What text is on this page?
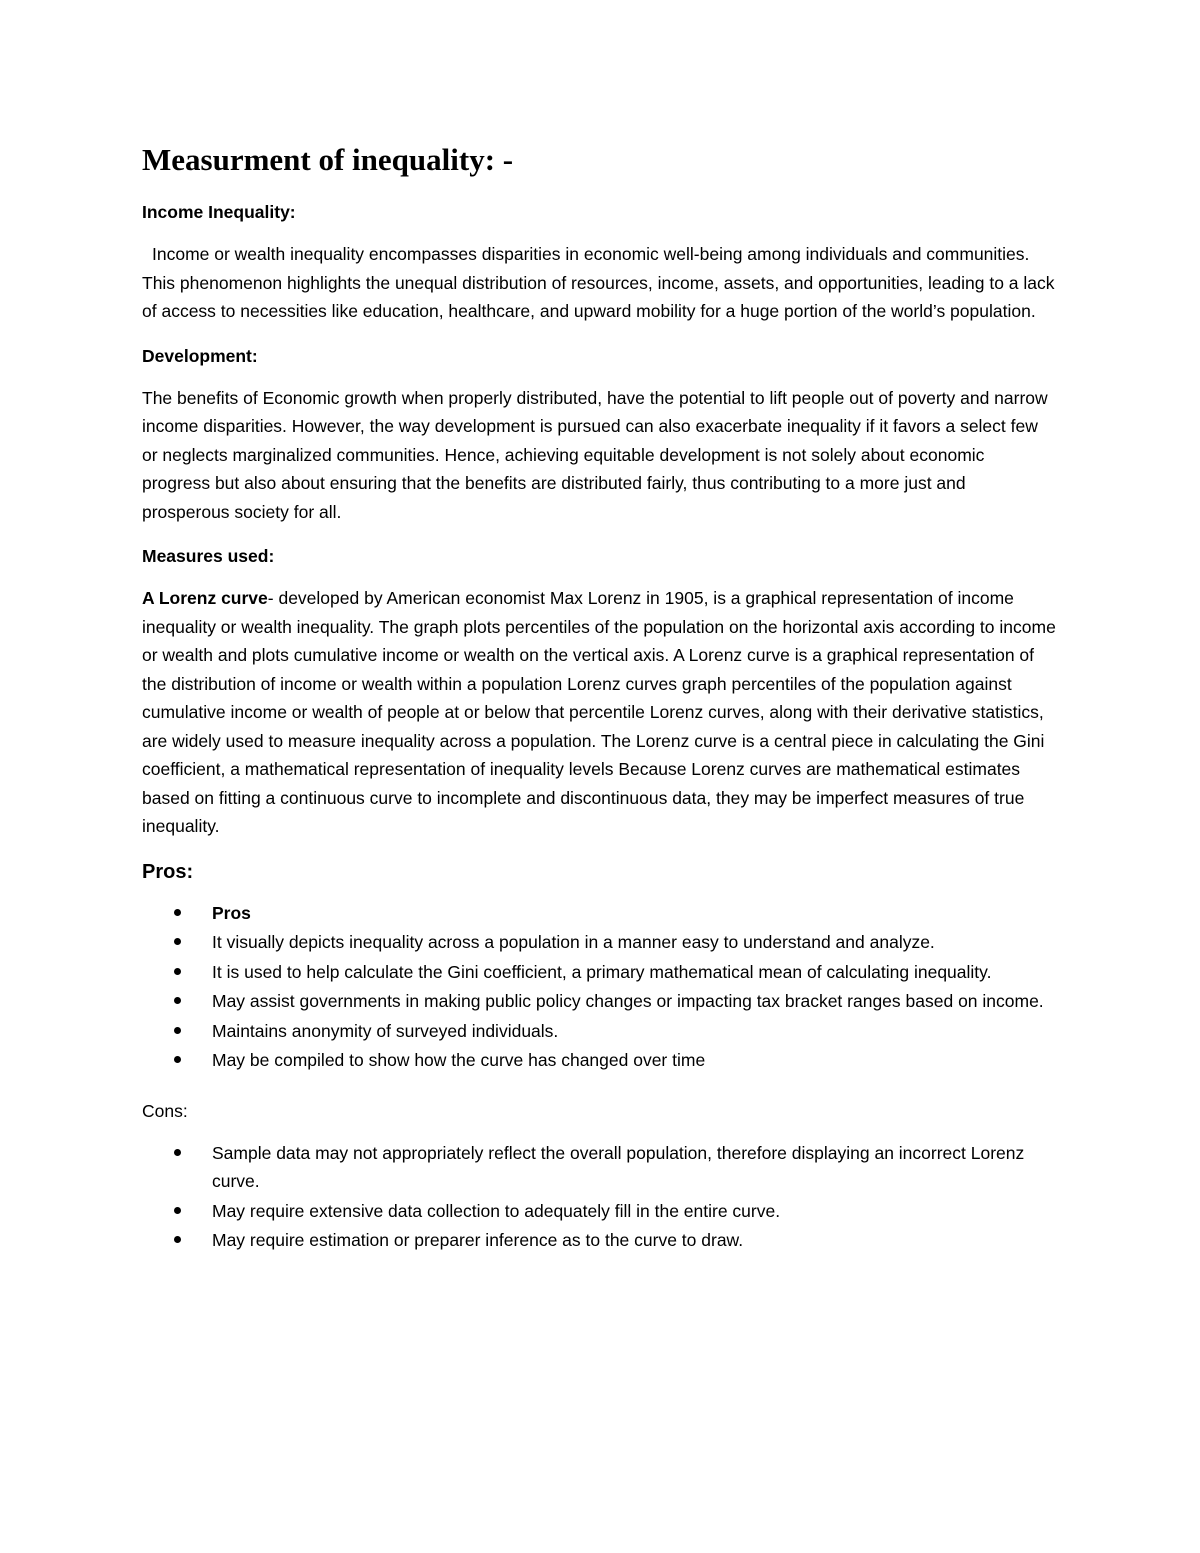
Measurment of inequality: -
Income Inequality:

Income or wealth inequality encompasses disparities in economic well-being among individuals and communities. This phenomenon highlights the unequal distribution of resources, income, assets, and opportunities, leading to a lack of access to necessities like education, healthcare, and upward mobility for a huge portion of the world’s population.

Development:

The benefits of Economic growth when properly distributed, have the potential to lift people out of poverty and narrow income disparities. However, the way development is pursued can also exacerbate inequality if it favors a select few or neglects marginalized communities. Hence, achieving equitable development is not solely about economic progress but also about ensuring that the benefits are distributed fairly, thus contributing to a more just and prosperous society for all.

Measures used:

A Lorenz curve- developed by American economist Max Lorenz in 1905, is a graphical representation of income inequality or wealth inequality. The graph plots percentiles of the population on the horizontal axis according to income or wealth and plots cumulative income or wealth on the vertical axis. A Lorenz curve is a graphical representation of the distribution of income or wealth within a population Lorenz curves graph percentiles of the population against cumulative income or wealth of people at or below that percentile Lorenz curves, along with their derivative statistics, are widely used to measure inequality across a population. The Lorenz curve is a central piece in calculating the Gini coefficient, a mathematical representation of inequality levels Because Lorenz curves are mathematical estimates based on fitting a continuous curve to incomplete and discontinuous data, they may be imperfect measures of true inequality.

Pros:
Pros
It visually depicts inequality across a population in a manner easy to understand and analyze.
It is used to help calculate the Gini coefficient, a primary mathematical mean of calculating inequality.
May assist governments in making public policy changes or impacting tax bracket ranges based on income.
Maintains anonymity of surveyed individuals.
May be compiled to show how the curve has changed over time
Cons:
Sample data may not appropriately reflect the overall population, therefore displaying an incorrect Lorenz curve.
May require extensive data collection to adequately fill in the entire curve.
May require estimation or preparer inference as to the curve to draw.
